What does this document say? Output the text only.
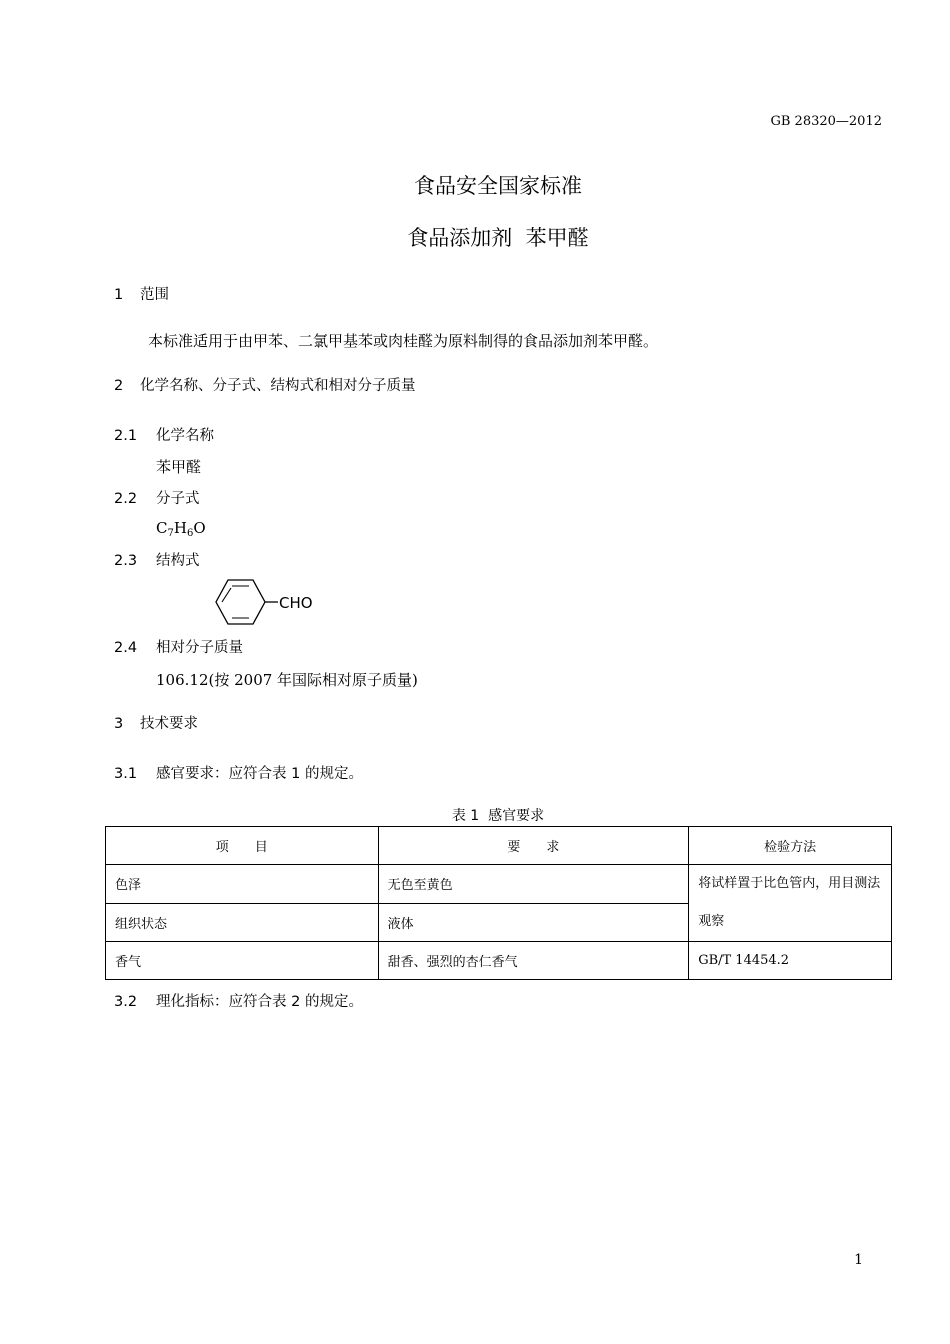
GB 28320—2012
食品安全国家标准
食品添加剂  苯甲醛
1 范围
本标准适用于由甲苯、二氯甲基苯或肉桂醛为原料制得的食品添加剂苯甲醛。
2 化学名称、分子式、结构式和相对分子质量
2.1 化学名称
苯甲醛
2.2 分子式
$C_7H_6O$
2.3 结构式
CHO
2.4 相对分子质量
106.12(按 2007 年国际相对原子质量)
3 技术要求
3.1 感官要求：应符合表 1 的规定。
表 1  感官要求
项　　目	要　　求	检验方法
色泽	无色至黄色	将试样置于比色管内，用目测法观察
组织状态	液体	
香气	甜香、强烈的杏仁香气	GB/T 14454.2
3.2 理化指标：应符合表 2 的规定。
1
